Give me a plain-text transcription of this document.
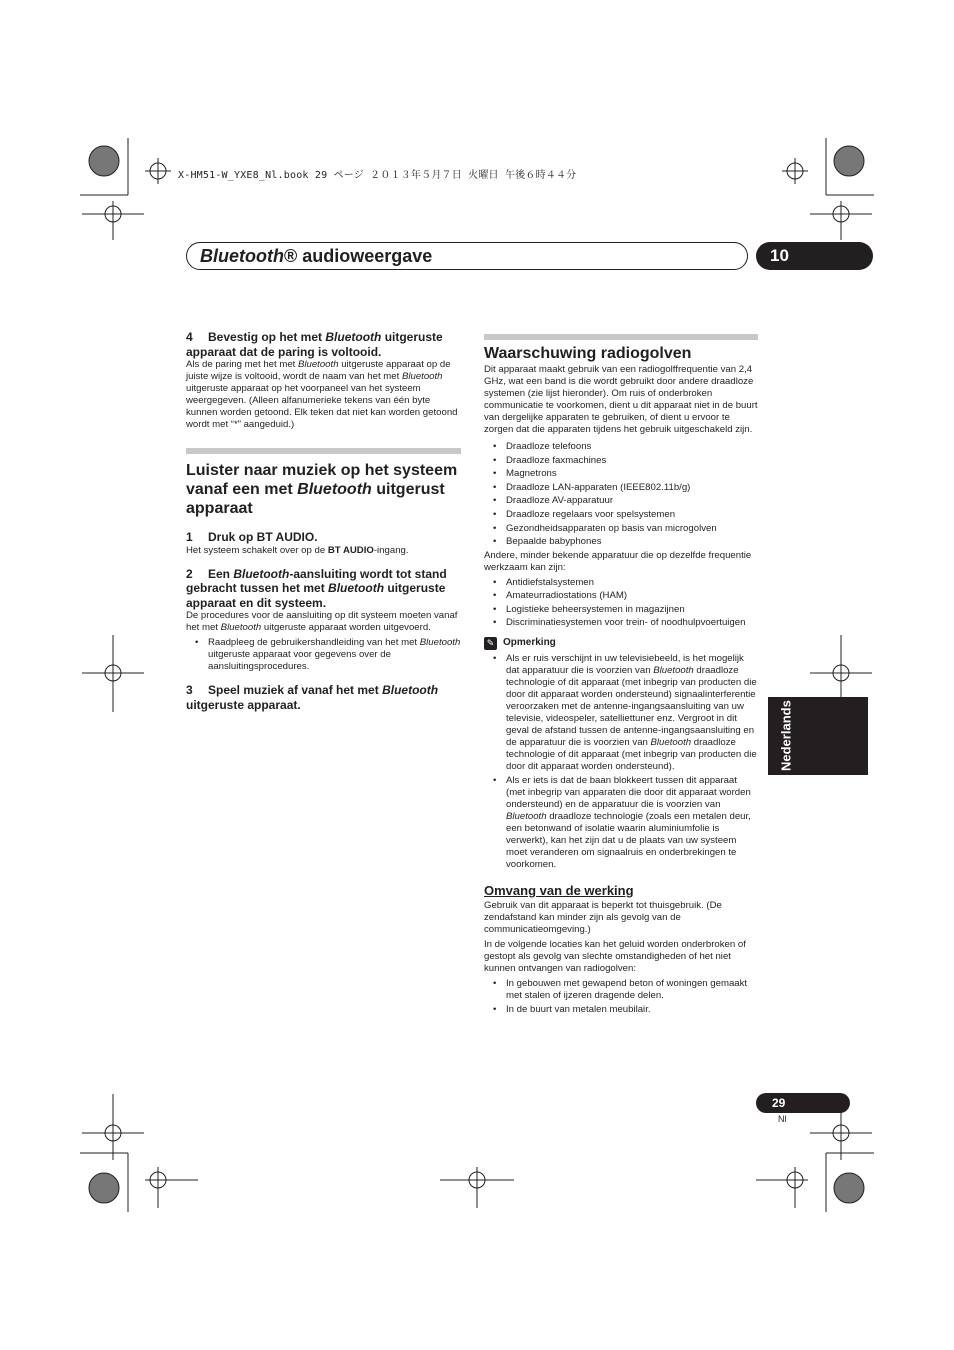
X-HM51-W_YXE8_Nl.book 29 ページ ２０１３年５月７日 火曜日 午後６時４４分
Bluetooth® audioweergave	10

4 Bevestig op het met Bluetooth uitgeruste apparaat dat de paring is voltooid.

Als de paring met het met Bluetooth uitgeruste apparaat op de juiste wijze is voltooid, wordt de naam van het met Bluetooth uitgeruste apparaat op het voorpaneel van het systeem weergegeven. (Alleen alfanumerieke tekens van één byte kunnen worden getoond. Elk teken dat niet kan worden getoond wordt met “*” aangeduid.)

Luister naar muziek op het systeem vanaf een met Bluetooth uitgerust apparaat

1 Druk op BT AUDIO.

Het systeem schakelt over op de BT AUDIO-ingang.

2 Een Bluetooth-aansluiting wordt tot stand gebracht tussen het met Bluetooth uitgeruste apparaat en dit systeem.

De procedures voor de aansluiting op dit systeem moeten vanaf het met Bluetooth uitgeruste apparaat worden uitgevoerd.

• Raadpleeg de gebruikershandleiding van het met Bluetooth uitgeruste apparaat voor gegevens over de aansluitingsprocedures.

3 Speel muziek af vanaf het met Bluetooth uitgeruste apparaat.

Waarschuwing radiogolven

Dit apparaat maakt gebruik van een radiogolffrequentie van 2,4 GHz, wat een band is die wordt gebruikt door andere draadloze systemen (zie lijst hieronder). Om ruis of onderbroken communicatie te voorkomen, dient u dit apparaat niet in de buurt van dergelijke apparaten te gebruiken, of dient u ervoor te zorgen dat die apparaten tijdens het gebruik uitgeschakeld zijn.

• Draadloze telefoons
• Draadloze faxmachines
• Magnetrons
• Draadloze LAN-apparaten (IEEE802.11b/g)
• Draadloze AV-apparatuur
• Draadloze regelaars voor spelsystemen
• Gezondheidsapparaten op basis van microgolven
• Bepaalde babyphones

Andere, minder bekende apparatuur die op dezelfde frequentie werkzaam kan zijn:

• Antidiefstalsystemen
• Amateurradiostations (HAM)
• Logistieke beheersystemen in magazijnen
• Discriminatiesystemen voor trein- of noodhulpvoertuigen
✎ Opmerking
• Als er ruis verschijnt in uw televisiebeeld, is het mogelijk dat apparatuur die is voorzien van Bluetooth draadloze technologie of dit apparaat (met inbegrip van producten die door dit apparaat worden ondersteund) signaalinterferentie veroorzaken met de antenne-ingangsaansluiting van uw televisie, videospeler, satelliettuner enz. Vergroot in dit geval de afstand tussen de antenne-ingangsaansluiting en de apparatuur die is voorzien van Bluetooth draadloze technologie of dit apparaat (met inbegrip van producten die door dit apparaat worden ondersteund).
• Als er iets is dat de baan blokkeert tussen dit apparaat (met inbegrip van apparaten die door dit apparaat worden ondersteund) en de apparatuur die is voorzien van Bluetooth draadloze technologie (zoals een metalen deur, een betonwand of isolatie waarin aluminiumfolie is verwerkt), kan het zijn dat u de plaats van uw systeem moet veranderen om signaalruis en onderbrekingen te voorkomen.

Omvang van de werking

Gebruik van dit apparaat is beperkt tot thuisgebruik. (De zendafstand kan minder zijn als gevolg van de communicatieomgeving.)

In de volgende locaties kan het geluid worden onderbroken of gestopt als gevolg van slechte omstandigheden of het niet kunnen ontvangen van radiogolven:

• In gebouwen met gewapend beton of woningen gemaakt met stalen of ijzeren dragende delen.
• In de buurt van metalen meubilair.
Nederlands
29
Nl
